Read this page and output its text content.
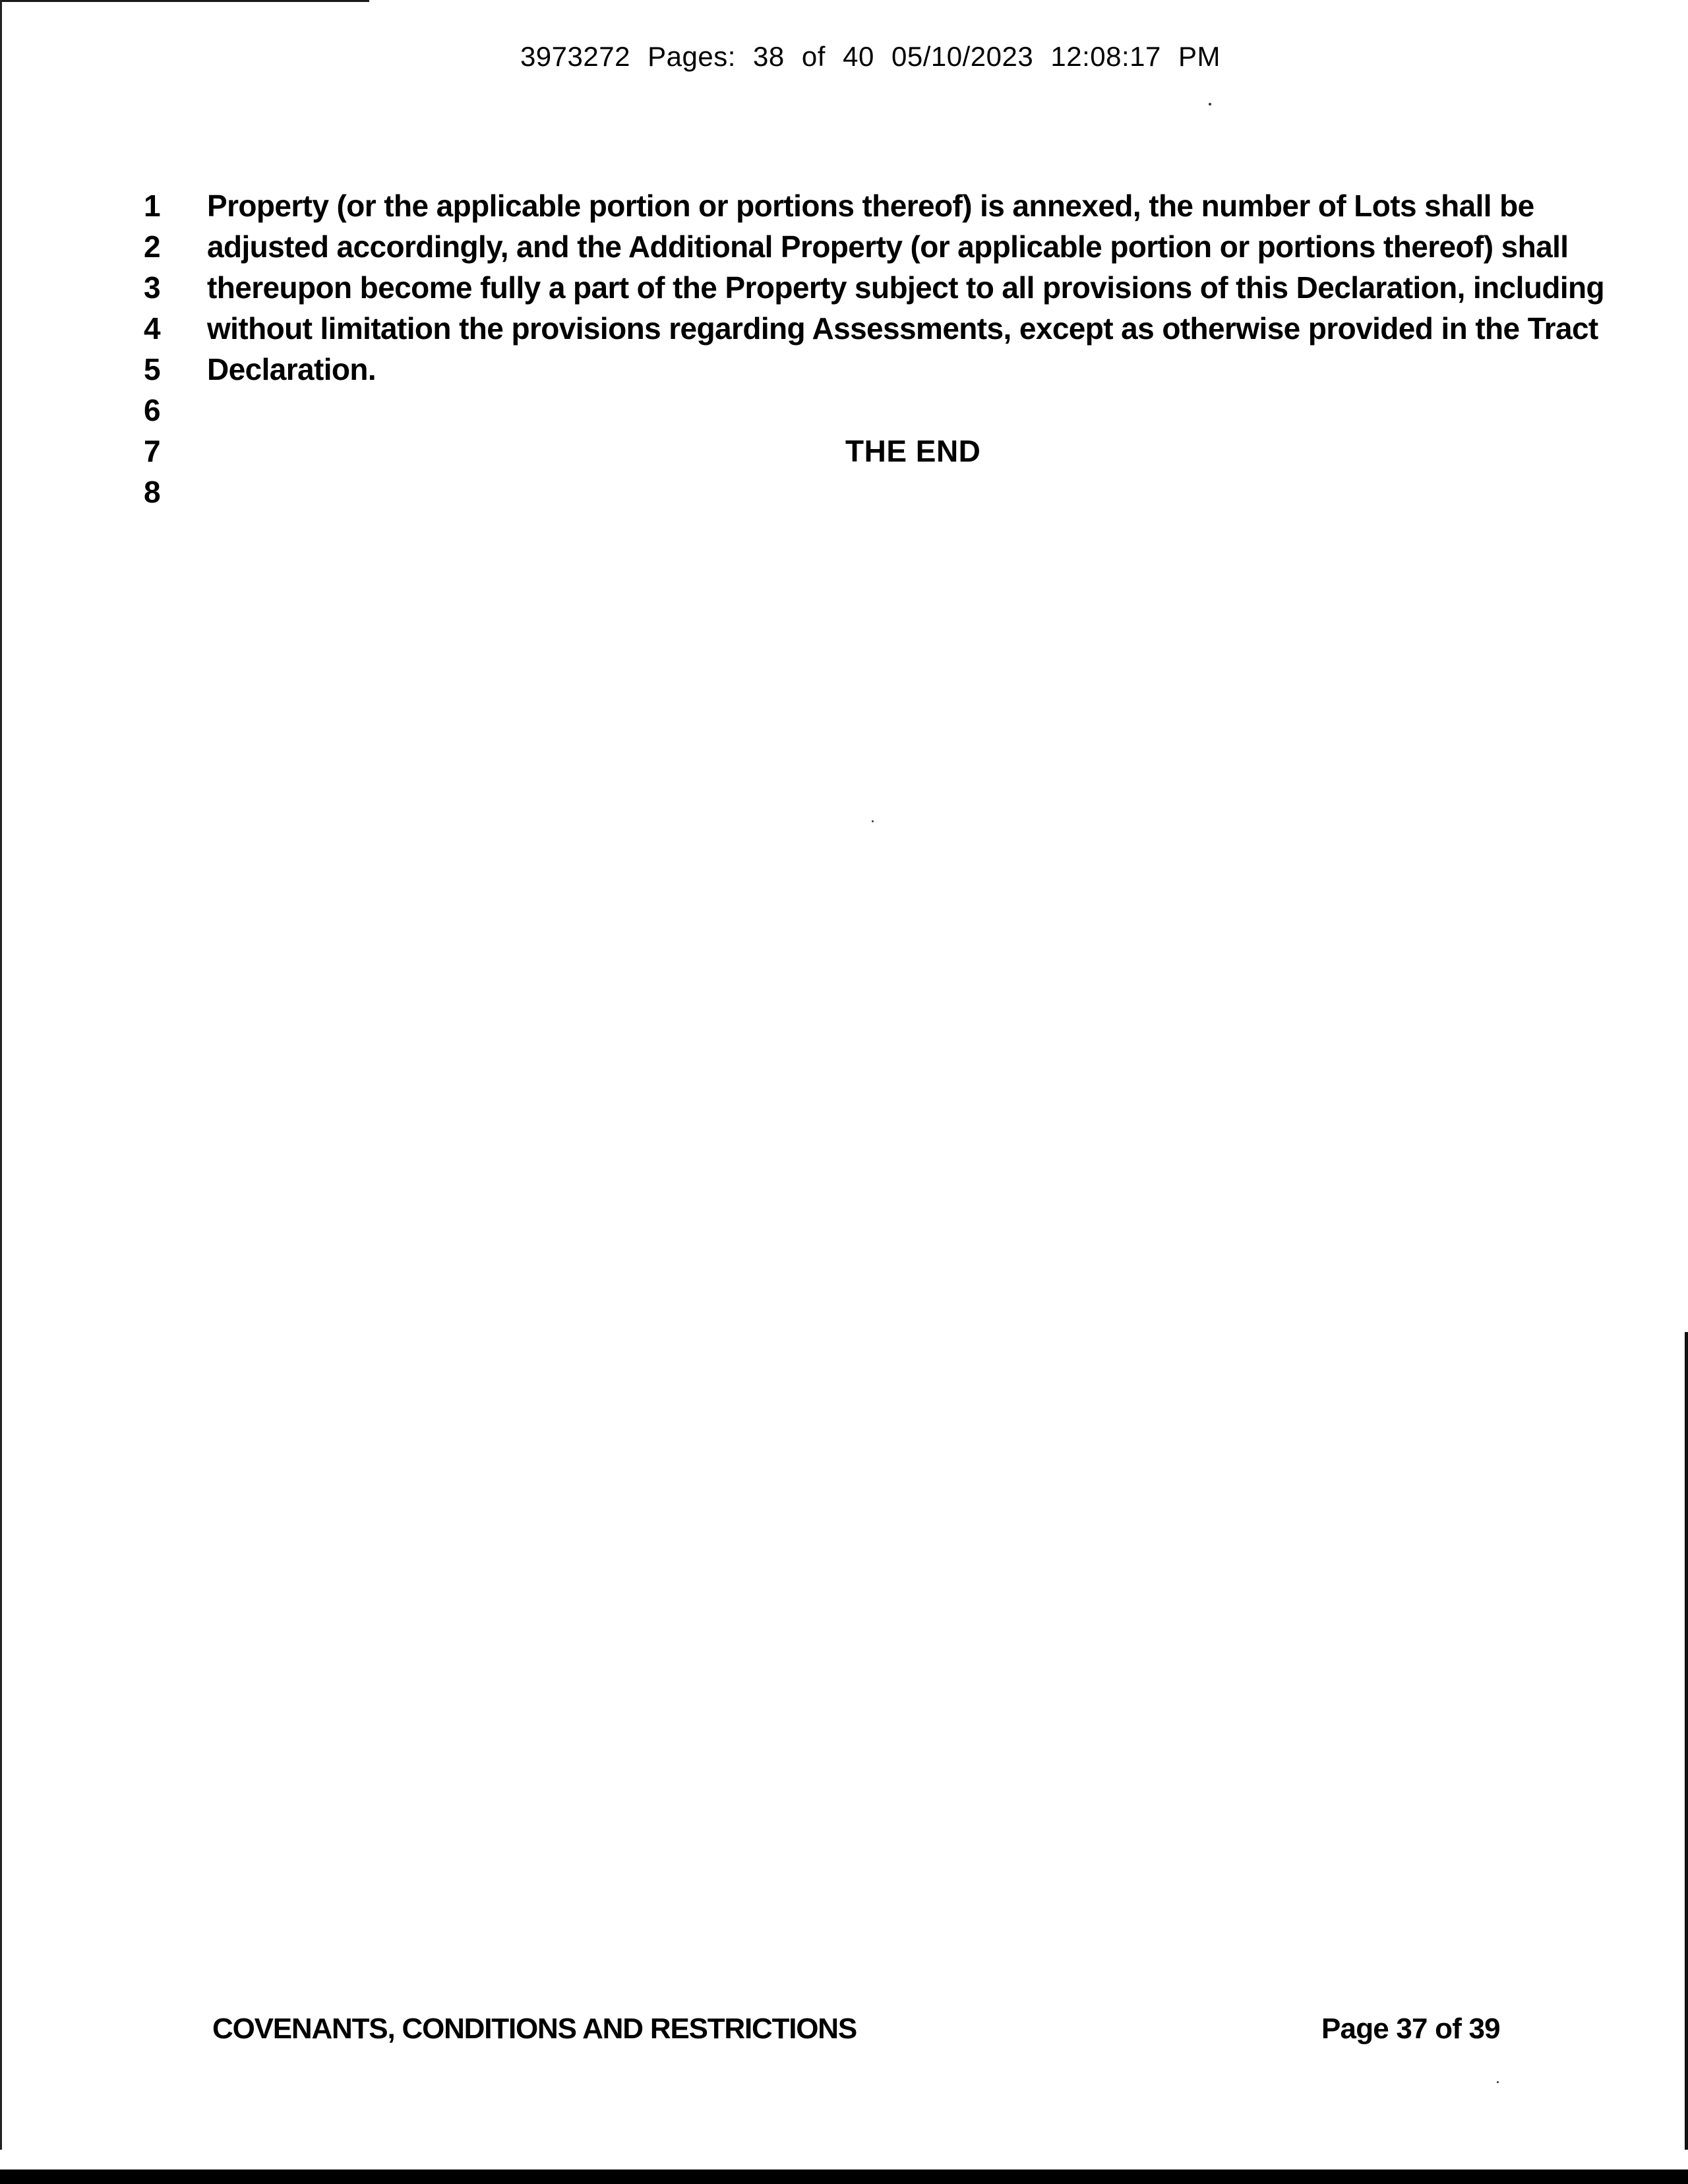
3973272 Pages: 38 of 40 05/10/2023 12:08:17 PM
1	Property (or the applicable portion or portions thereof) is annexed, the number of Lots shall be
2	adjusted accordingly, and the Additional Property (or applicable portion or portions thereof) shall
3	thereupon become fully a part of the Property subject to all provisions of this Declaration, including
4	without limitation the provisions regarding Assessments, except as otherwise provided in the Tract
5	Declaration.
6
7	THE END
8
COVENANTS, CONDITIONS AND RESTRICTIONS	Page 37 of 39
